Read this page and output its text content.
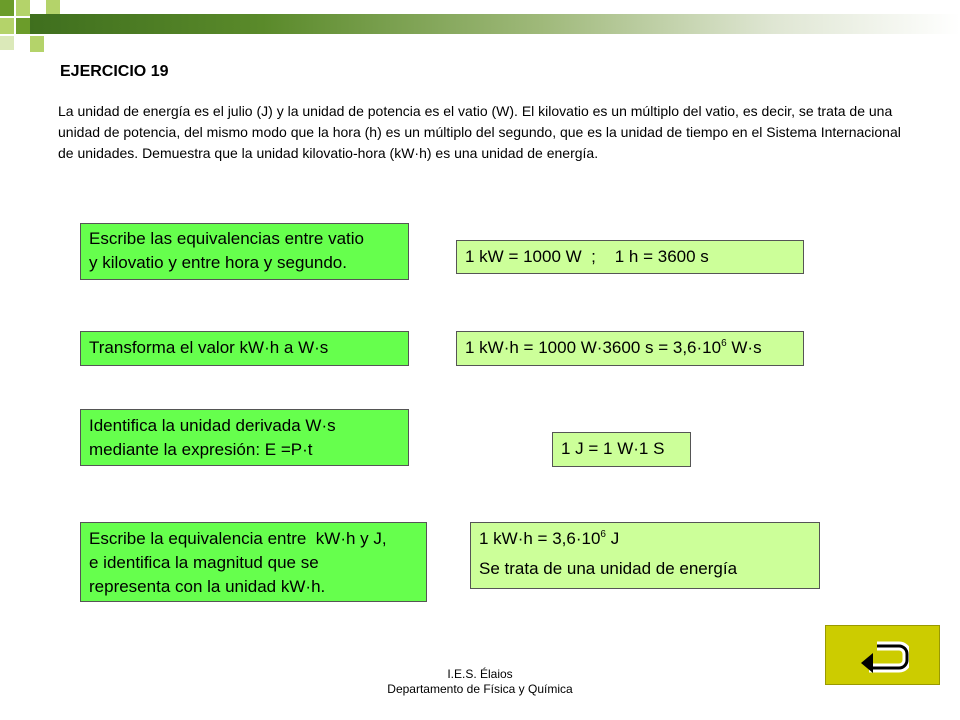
EJERCICIO 19
La unidad de energía es el julio (J) y la unidad de potencia es el vatio (W). El kilovatio es un múltiplo del vatio, es decir, se trata de una unidad de potencia, del mismo modo que la hora (h) es un múltiplo del segundo, que es la unidad de tiempo en el Sistema Internacional de unidades. Demuestra que la unidad kilovatio-hora (kW·h) es una unidad de energía.
Escribe las equivalencias entre vatio
y kilovatio y entre hora y segundo.	1 kW = 1000 W  ;    1 h = 3600 s
Transforma el valor kW·h a W·s	1 kW·h = 1000 W·3600 $s = 3,6\cdot 10^6$ W·s
Identifica la unidad derivada W·s
mediante la expresión: E =P·t	1 J = 1 W·1 S
Escribe la equivalencia entre  kW·h y J,
e identifica la magnitud que se
representa con la unidad kW·h.
1 $kW\cdot h = 3,6\cdot 10^6$ J
Se trata de una unidad de energía
I.E.S. Élaios
Departamento de Física y Química
